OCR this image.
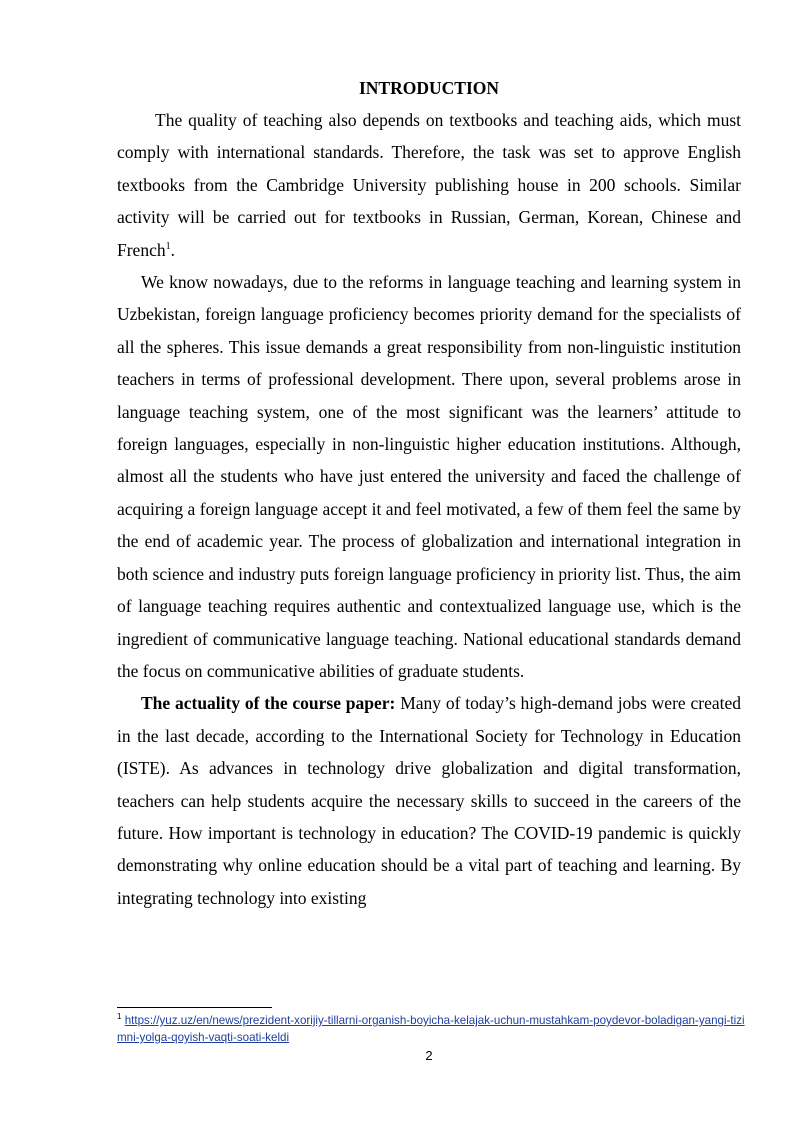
INTRODUCTION

The quality of teaching also depends on textbooks and teaching aids, which must comply with international standards. Therefore, the task was set to approve English textbooks from the Cambridge University publishing house in 200 schools. Similar activity will be carried out for textbooks in Russian, German, Korean, Chinese and French$^1$.

We know nowadays, due to the reforms in language teaching and learning system in Uzbekistan, foreign language proficiency becomes priority demand for the specialists of all the spheres. This issue demands a great responsibility from non-linguistic institution teachers in terms of professional development. There upon, several problems arose in language teaching system, one of the most significant was the learners’ attitude to foreign languages, especially in non-linguistic higher education institutions. Although, almost all the students who have just entered the university and faced the challenge of acquiring a foreign language accept it and feel motivated, a few of them feel the same by the end of academic year. The process of globalization and international integration in both science and industry puts foreign language proficiency in priority list. Thus, the aim of language teaching requires authentic and contextualized language use, which is the ingredient of communicative language teaching. National educational standards demand the focus on communicative abilities of graduate students.

The actuality of the course paper: Many of today’s high-demand jobs were created in the last decade, according to the International Society for Technology in Education (ISTE). As advances in technology drive globalization and digital transformation, teachers can help students acquire the necessary skills to succeed in the careers of the future. How important is technology in education? The COVID-19 pandemic is quickly demonstrating why online education should be a vital part of teaching and learning. By integrating technology into existing

$^1$ https://yuz.uz/en/news/prezident-xorijiy-tillarni-organish-boyicha-kelajak-uchun-mustahkam-poydevor-boladigan-yangi-tizimni-yolga-qoyish-vaqti-soati-keldi
2
